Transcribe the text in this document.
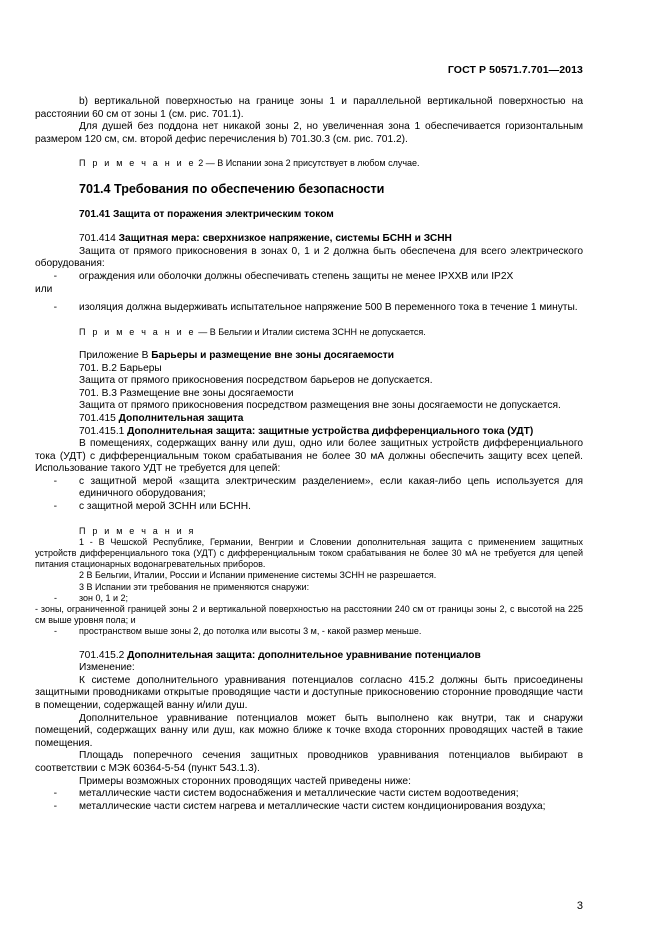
ГОСТ Р 50571.7.701—2013

b) вертикальной поверхностью на границе зоны 1 и параллельной вертикальной поверхностью на расстоянии 60 см от зоны 1 (см. рис. 701.1).

Для душей без поддона нет никакой зоны 2, но увеличенная зона 1 обеспечивается горизонтальным размером 120 см, см. второй дефис перечисления b) 701.30.3 (см. рис. 701.2).

П р и м е ч а н и е 2 — В Испании зона 2 присутствует в любом случае.

701.4 Требования по обеспечению безопасности

701.41 Защита от поражения электрическим током

701.414 Защитная мера: сверхнизкое напряжение, системы БСНН и ЗСНН

Защита от прямого прикосновения в зонах 0, 1 и 2 должна быть обеспечена для всего электрического оборудования:

-	ограждения или оболочки должны обеспечивать степень защиты не менее IPXXB или IP2X

или

-	изоляция должна выдерживать испытательное напряжение 500 В переменного тока в течение 1 минуты.

П р и м е ч а н и е — В Бельгии и Италии система ЗСНН не допускается.

Приложение В Барьеры и размещение вне зоны досягаемости

701. В.2 Барьеры

Защита от прямого прикосновения посредством барьеров не допускается.

701. В.3 Размещение вне зоны досягаемости

Защита от прямого прикосновения посредством размещения вне зоны досягаемости не допускается.

701.415 Дополнительная защита

701.415.1 Дополнительная защита: защитные устройства дифференциального тока (УДТ)

В помещениях, содержащих ванну или душ, одно или более защитных устройств дифференциального тока (УДТ) с дифференциальным током срабатывания не более 30 мА должны обеспечить защиту всех цепей. Использование такого УДТ не требуется для цепей:

-	с защитной мерой «защита электрическим разделением», если какая-либо цепь используется для единичного оборудования;
-	с защитной мерой ЗСНН или БСНН.

П р и м е ч а н и я

1 - В Чешской Республике, Германии, Венгрии и Словении дополнительная защита с применением защитных устройств дифференциального тока (УДТ) с дифференциальным током срабатывания не более 30 мА не требуется для цепей питания стационарных водонагревательных приборов.

2 В Бельгии, Италии, России и Испании применение системы ЗСНН не разрешается.

3 В Испании эти требования не применяются снаружи:

-	зон 0, 1 и 2;

- зоны, ограниченной границей зоны 2 и вертикальной поверхностью на расстоянии 240 см от границы зоны 2, с высотой на 225 см выше уровня пола; и

-	пространством выше зоны 2, до потолка или высоты 3 м, - какой размер меньше.

701.415.2 Дополнительная защита: дополнительное уравнивание потенциалов

Изменение:

К системе дополнительного уравнивания потенциалов согласно 415.2 должны быть присоединены защитными проводниками открытые проводящие части и доступные прикосновению сторонние проводящие части в помещении, содержащей ванну и/или душ.

Дополнительное уравнивание потенциалов может быть выполнено как внутри, так и снаружи помещений, содержащих ванну или душ, как можно ближе к точке входа сторонних проводящих частей в такие помещения.

Площадь поперечного сечения защитных проводников уравнивания потенциалов выбирают в соответствии с МЭК 60364-5-54 (пункт 543.1.3).

Примеры возможных сторонних проводящих частей приведены ниже:

-	металлические части систем водоснабжения и металлические части систем водоотведения;
-	металлические части систем нагрева и металлические части систем кондиционирования воздуха;
3
